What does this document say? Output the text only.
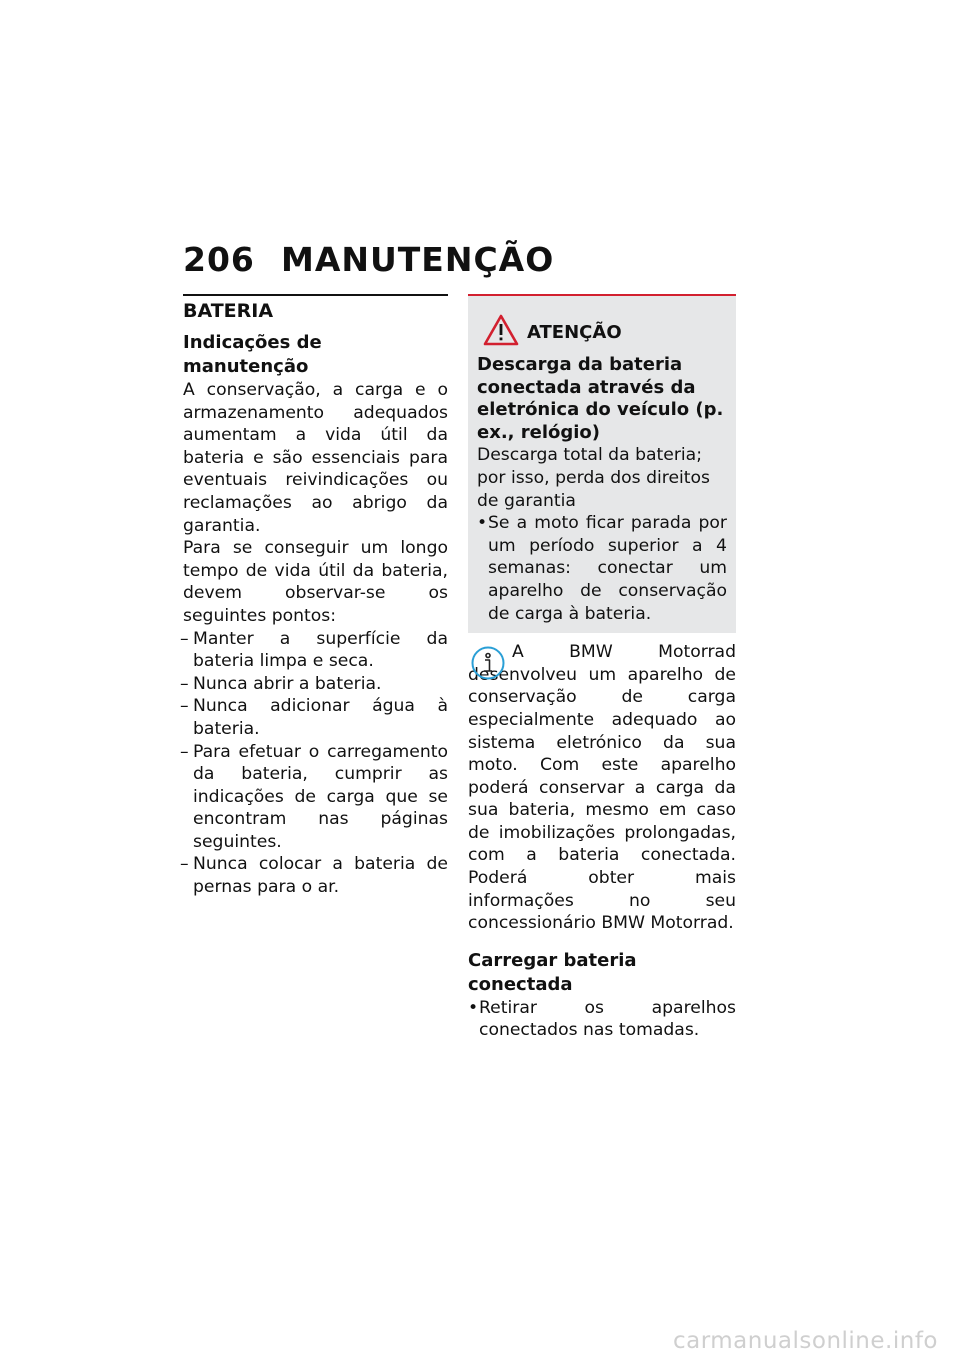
206 MANUTENÇÃO
BATERIA
Indicações de manutenção
A conservação, a carga e o armazenamento adequados aumentam a vida útil da bateria e são essenciais para eventuais reivindicações ou reclamações ao abrigo da garantia.
Para se conseguir um longo tempo de vida útil da bateria, devem observar-se os seguintes pontos:
– Manter a superfície da bateria limpa e seca.
– Nunca abrir a bateria.
– Nunca adicionar água à bateria.
– Para efetuar o carregamento da bateria, cumprir as indicações de carga que se encontram nas páginas seguintes.
– Nunca colocar a bateria de pernas para o ar.
ATENÇÃO
Descarga da bateria conectada através da eletrónica do veículo (p. ex., relógio)
Descarga total da bateria; por isso, perda dos direitos de garantia
• Se a moto ficar parada por um período superior a 4 semanas: conectar um aparelho de conservação de carga à bateria.
A BMW Motorrad desenvolveu um aparelho de conservação de carga especialmente adequado ao sistema eletrónico da sua moto. Com este aparelho poderá conservar a carga da sua bateria, mesmo em caso de imobilizações prolongadas, com a bateria conectada. Poderá obter mais informações no seu concessionário BMW Motorrad.
Carregar bateria conectada
• Retirar os aparelhos conectados nas tomadas.
carmanualsonline.info
